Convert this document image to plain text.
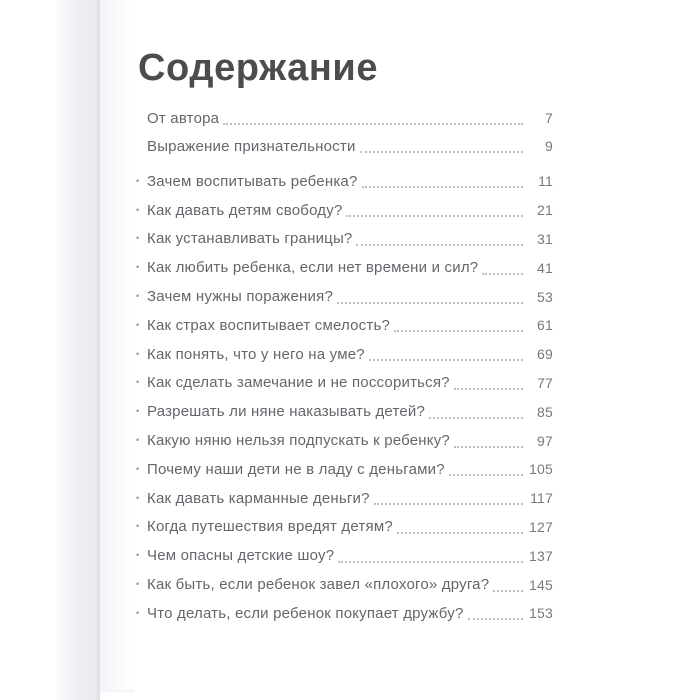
Содержание
От автора	7
Выражение признательности	9
• Зачем воспитывать ребенка?	11
• Как давать детям свободу?	21
• Как устанавливать границы?	31
• Как любить ребенка, если нет времени и сил?	41
• Зачем нужны поражения?	53
• Как страх воспитывает смелость?	61
• Как понять, что у него на уме?	69
• Как сделать замечание и не поссориться?	77
• Разрешать ли няне наказывать детей?	85
• Какую няню нельзя подпускать к ребенку?	97
• Почему наши дети не в ладу с деньгами?	105
• Как давать карманные деньги?	117
• Когда путешествия вредят детям?	127
• Чем опасны детские шоу?	137
• Как быть, если ребенок завел «плохого» друга?	145
• Что делать, если ребенок покупает дружбу?	153
